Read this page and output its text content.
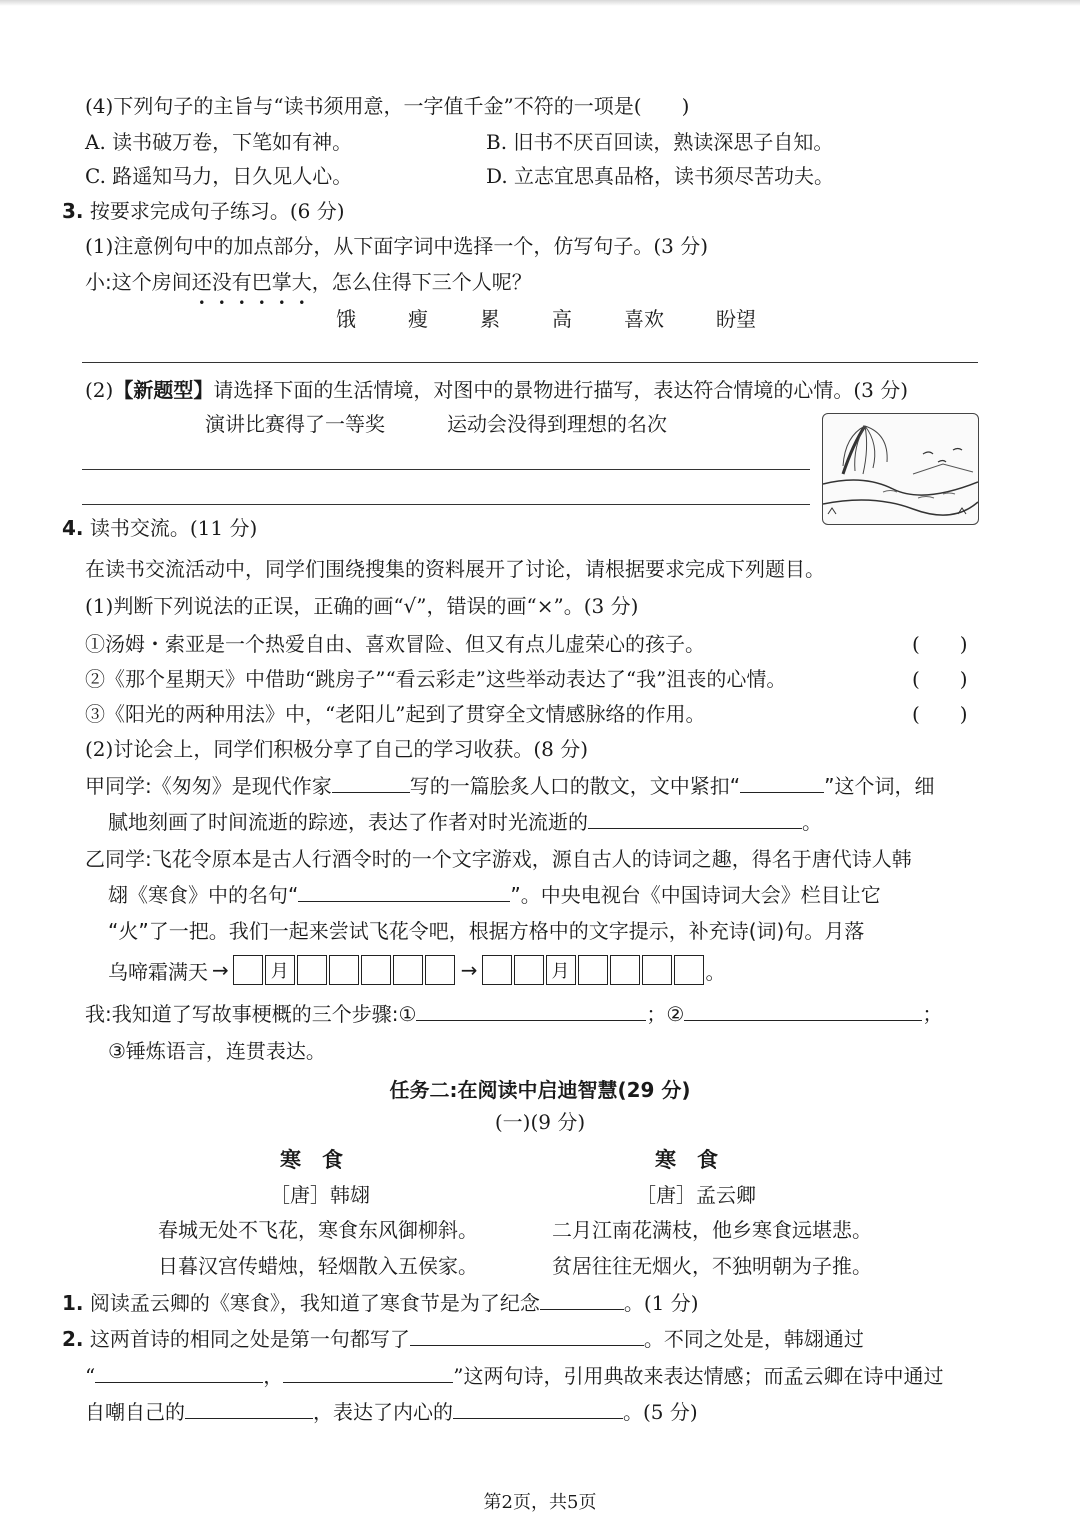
(4)下列句子的主旨与“读书须用意，一字值千金”不符的一项是(　　)
A. 读书破万卷，下笔如有神。	B. 旧书不厌百回读，熟读深思子自知。
C. 路遥知马力，日久见人心。	D. 立志宜思真品格，读书须尽苦功夫。
3. 按要求完成句子练习。(6 分)
(1)注意例句中的加点部分，从下面字词中选择一个，仿写句子。(3 分)
小:这个房间还没有巴掌大，怎么住得下三个人呢？
饿	瘦	累	高	喜欢	盼望
(2)【新题型】请选择下面的生活情境，对图中的景物进行描写，表达符合情境的心情。(3 分)
演讲比赛得了一等奖	运动会没得到理想的名次
4. 读书交流。(11 分)
在读书交流活动中，同学们围绕搜集的资料展开了讨论，请根据要求完成下列题目。
(1)判断下列说法的正误，正确的画“√”，错误的画“×”。(3 分)
①汤姆・索亚是一个热爱自由、喜欢冒险、但又有点儿虚荣心的孩子。	(　　)
②《那个星期天》中借助“跳房子”“看云彩走”这些举动表达了“我”沮丧的心情。	(　　)
③《阳光的两种用法》中，“老阳儿”起到了贯穿全文情感脉络的作用。	(　　)
(2)讨论会上，同学们积极分享了自己的学习收获。(8 分)
甲同学:《匆匆》是现代作家	写的一篇脍炙人口的散文，文中紧扣“	”这个词，细
腻地刻画了时间流逝的踪迹，表达了作者对时光流逝的	。
乙同学:飞花令原本是古人行酒令时的一个文字游戏，源自古人的诗词之趣，得名于唐代诗人韩
翃《寒食》中的名句“	”。中央电视台《中国诗词大会》栏目让它
“火”了一把。我们一起来尝试飞花令吧，根据方格中的文字提示，补充诗(词)句。月落
乌啼霜满天 →	月	→	月	。
我:我知道了写故事梗概的三个步骤:①	；②	；
③锤炼语言，连贯表达。
任务二:在阅读中启迪智慧(29 分)
(一)(9 分)
寒　食
［唐］韩翃
春城无处不飞花，寒食东风御柳斜。
日暮汉宫传蜡烛，轻烟散入五侯家。
寒　食
［唐］孟云卿
二月江南花满枝，他乡寒食远堪悲。
贫居往往无烟火，不独明朝为子推。
1. 阅读孟云卿的《寒食》，我知道了寒食节是为了纪念	。(1 分)
2. 这两首诗的相同之处是第一句都写了	。不同之处是，韩翃通过
“	，	”这两句诗，引用典故来表达情感；而孟云卿在诗中通过
自嘲自己的	，表达了内心的	。(5 分)
第2页，共5页
